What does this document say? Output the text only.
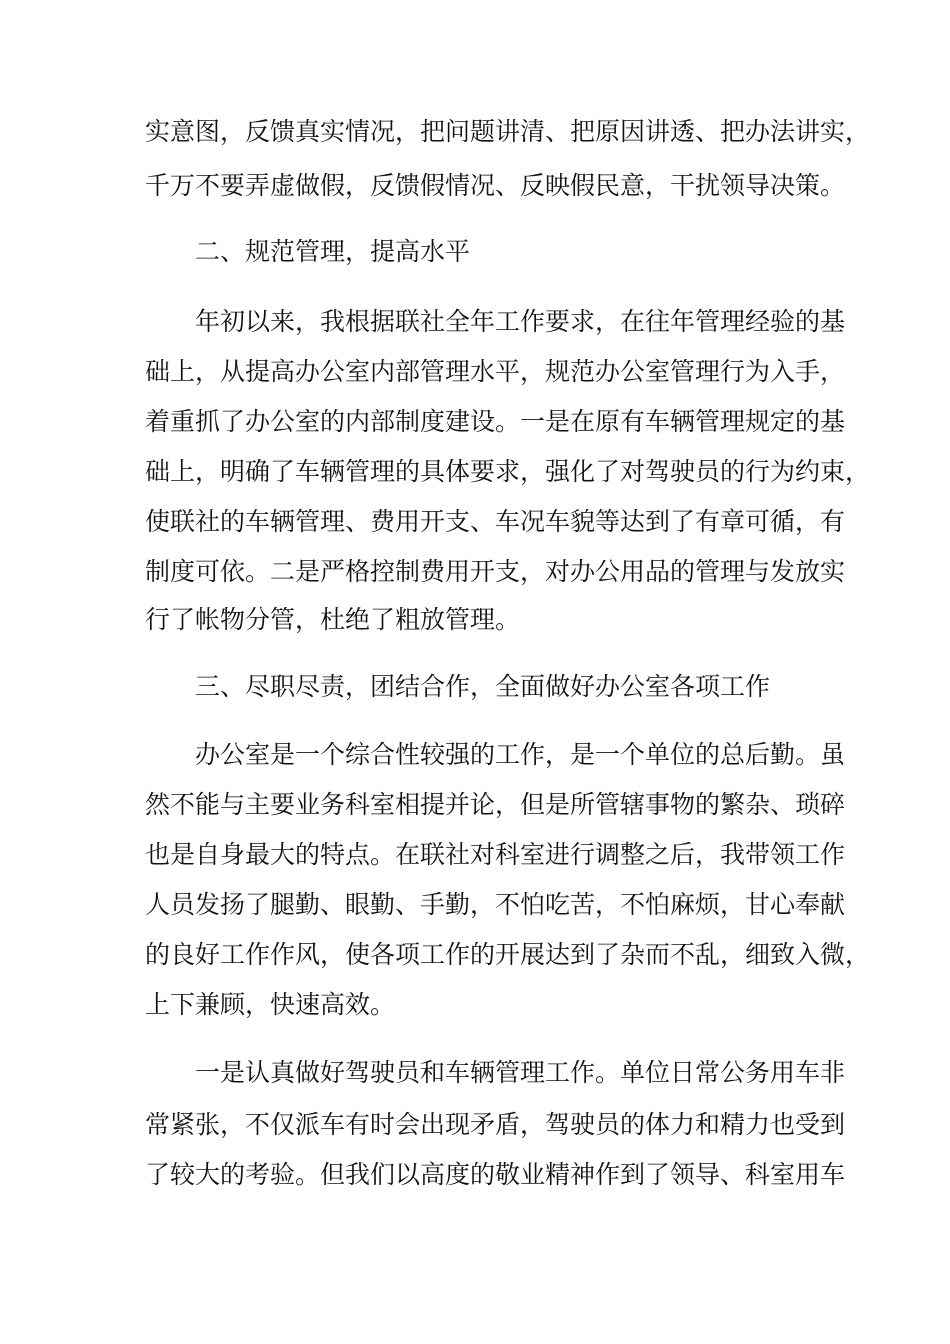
实意图，反馈真实情况，把问题讲清、把原因讲透、把办法讲实，
千万不要弄虚做假，反馈假情况、反映假民意，干扰领导决策。
二、规范管理，提高水平
年初以来，我根据联社全年工作要求，在往年管理经验的基
础上，从提高办公室内部管理水平，规范办公室管理行为入手，
着重抓了办公室的内部制度建设。一是在原有车辆管理规定的基
础上，明确了车辆管理的具体要求，强化了对驾驶员的行为约束，
使联社的车辆管理、费用开支、车况车貌等达到了有章可循，有
制度可依。二是严格控制费用开支，对办公用品的管理与发放实
行了帐物分管，杜绝了粗放管理。
三、尽职尽责，团结合作，全面做好办公室各项工作
办公室是一个综合性较强的工作，是一个单位的总后勤。虽
然不能与主要业务科室相提并论，但是所管辖事物的繁杂、琐碎
也是自身最大的特点。在联社对科室进行调整之后，我带领工作
人员发扬了腿勤、眼勤、手勤，不怕吃苦，不怕麻烦，甘心奉献
的良好工作作风，使各项工作的开展达到了杂而不乱，细致入微，
上下兼顾，快速高效。
一是认真做好驾驶员和车辆管理工作。单位日常公务用车非
常紧张，不仅派车有时会出现矛盾，驾驶员的体力和精力也受到
了较大的考验。但我们以高度的敬业精神作到了领导、科室用车
